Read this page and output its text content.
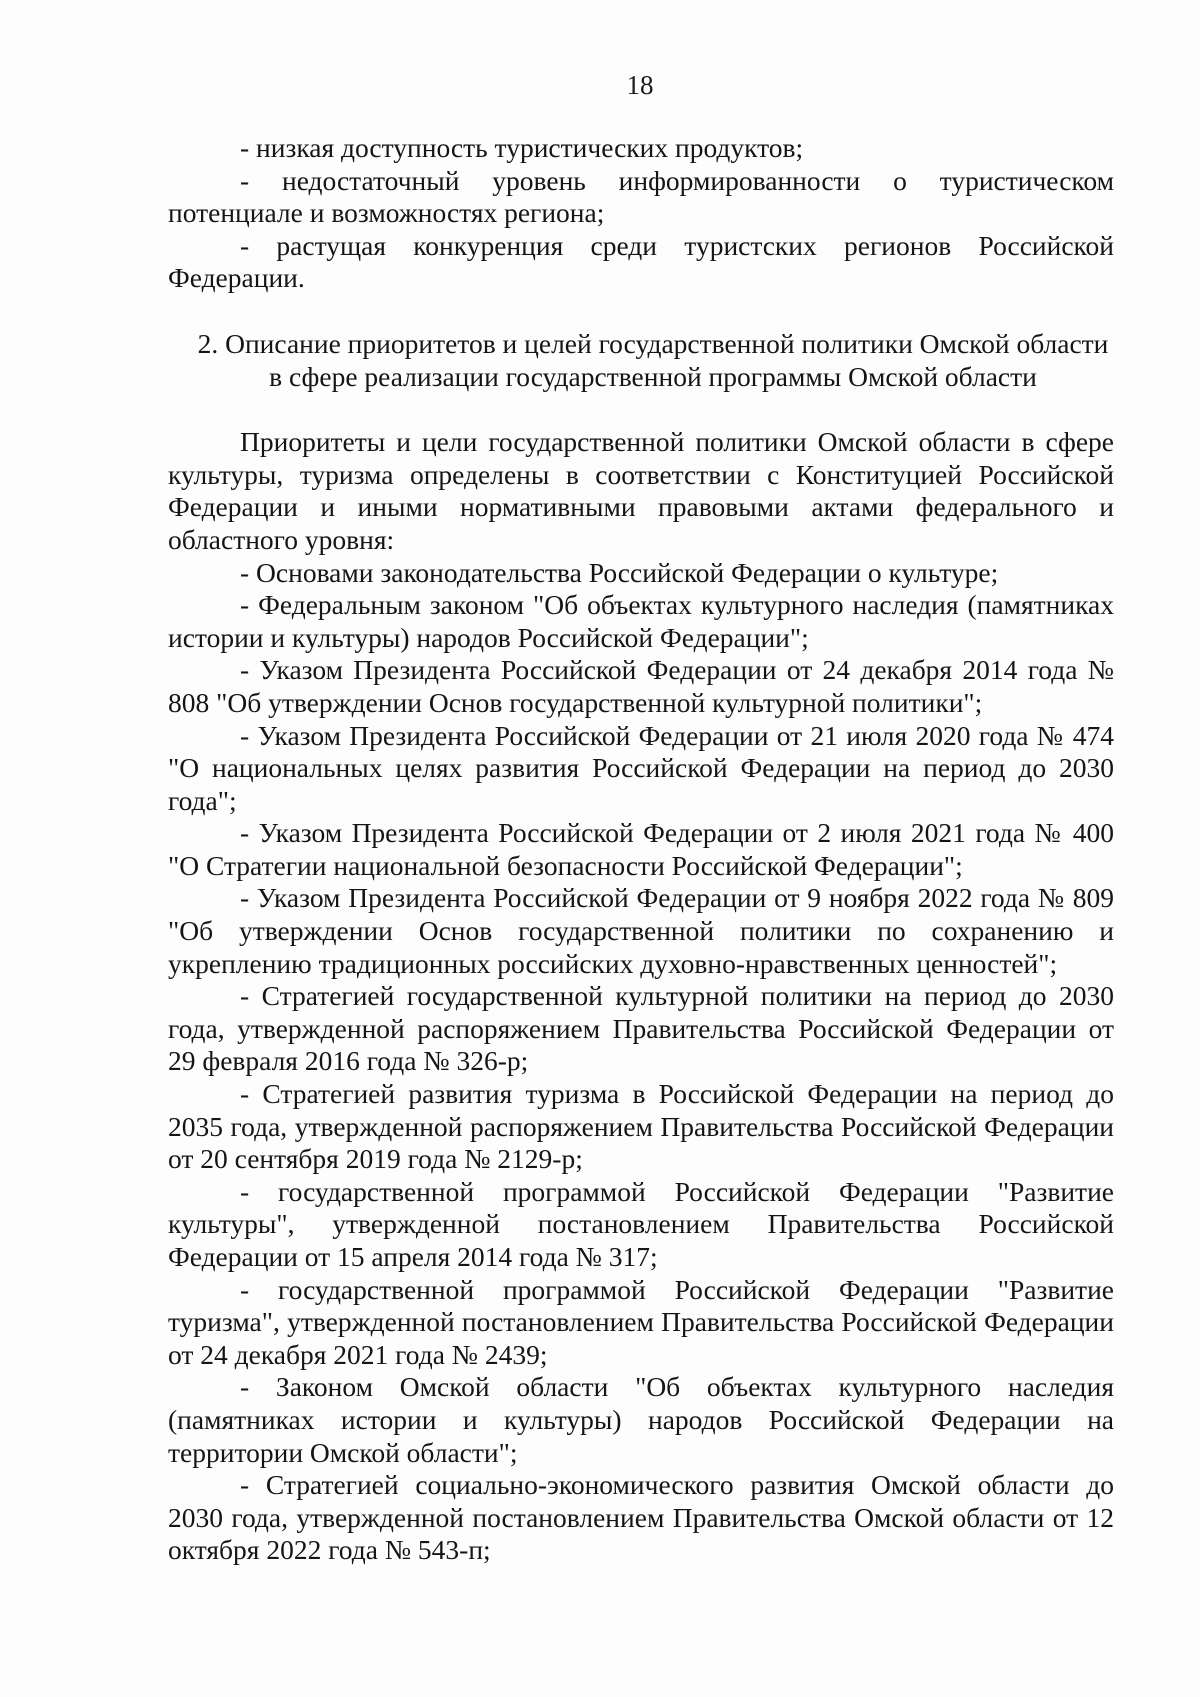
18

- низкая доступность туристических продуктов;

- недостаточный уровень информированности о туристическом потенциале и возможностях региона;

- растущая конкуренция среди туристских регионов Российской Федерации.

2. Описание приоритетов и целей государственной политики Омской области
в сфере реализации государственной программы Омской области

Приоритеты и цели государственной политики Омской области в сфере культуры, туризма определены в соответствии с Конституцией Российской Федерации и иными нормативными правовыми актами федерального и областного уровня:

- Основами законодательства Российской Федерации о культуре;

- Федеральным законом "Об объектах культурного наследия (памятниках истории и культуры) народов Российской Федерации";

- Указом Президента Российской Федерации от 24 декабря 2014 года № 808 "Об утверждении Основ государственной культурной политики";

- Указом Президента Российской Федерации от 21 июля 2020 года № 474 "О национальных целях развития Российской Федерации на период до 2030 года";

- Указом Президента Российской Федерации от 2 июля 2021 года № 400 "О Стратегии национальной безопасности Российской Федерации";

- Указом Президента Российской Федерации от 9 ноября 2022 года № 809 "Об утверждении Основ государственной политики по сохранению и укреплению традиционных российских духовно-нравственных ценностей";

- Стратегией государственной культурной политики на период до 2030 года, утвержденной распоряжением Правительства Российской Федерации от 29 февраля 2016 года № 326-р;

- Стратегией развития туризма в Российской Федерации на период до 2035 года, утвержденной распоряжением Правительства Российской Федерации от 20 сентября 2019 года № 2129-р;

- государственной программой Российской Федерации "Развитие культуры", утвержденной постановлением Правительства Российской Федерации от 15 апреля 2014 года № 317;

- государственной программой Российской Федерации "Развитие туризма", утвержденной постановлением Правительства Российской Федерации от 24 декабря 2021 года № 2439;

- Законом Омской области "Об объектах культурного наследия (памятниках истории и культуры) народов Российской Федерации на территории Омской области";

- Стратегией социально-экономического развития Омской области до 2030 года, утвержденной постановлением Правительства Омской области от 12 октября 2022 года № 543-п;
